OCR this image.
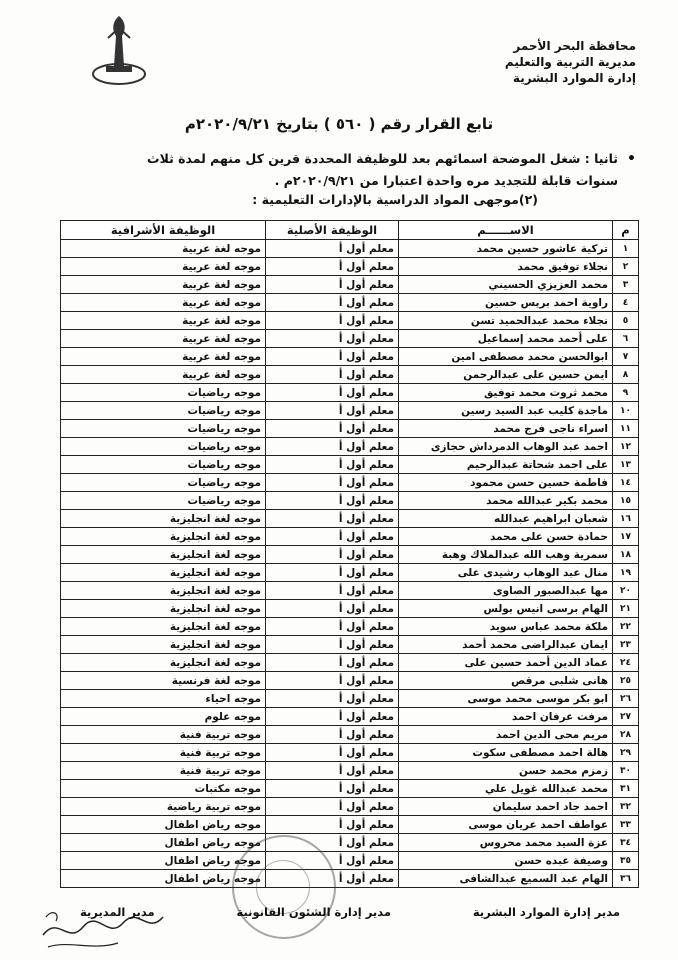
محافظة البحر الأحمر
مديرية التربية والتعليم
إدارة الموارد البشرية
تابع القرار رقم ( ٥٦٠ ) بتاريخ ٢٠٢٠/٩/٢١م
•
ثانيا : شغل الموضحة اسمائهم بعد للوظيفة المحددة قرين كل منهم لمدة ثلاث
سنوات قابلة للتجديد مره واحدة اعتبارا من ٢٠٢٠/٩/٢١م .
(٢)موجهى المواد الدراسية بالإدارات التعليمية :
م	الاســــــم	الوظيفة الأصلية	الوظيفة الأشرافية
١	تركية عاشور حسين محمد	معلم أول أ	موجه لغة عربية
٢	نجلاء توفيق محمد	معلم أول أ	موجه لغة عربية
٣	محمد العزيزي الحسيني	معلم أول أ	موجه لغة عربية
٤	راوية احمد بريس حسين	معلم أول أ	موجه لغة عربية
٥	نجلاء محمد عبدالحميد تسن	معلم أول أ	موجه لغة عربية
٦	على أحمد محمد إسماعيل	معلم أول أ	موجه لغة عربية
٧	ابوالحسن محمد مصطفى امين	معلم أول أ	موجه لغة عربية
٨	ايمن حسين على عبدالرحمن	معلم أول أ	موجه لغة عربية
٩	محمد ثروت محمد توفيق	معلم أول أ	موجه رياضيات
١٠	ماجدة كليب عبد السيد رسين	معلم أول أ	موجه رياضيات
١١	اسراء ناجى فرج محمد	معلم أول أ	موجه رياضيات
١٢	احمد عبد الوهاب الدمرداش حجازى	معلم أول أ	موجه رياضيات
١٣	على احمد شحاتة عبدالرحيم	معلم أول أ	موجه رياضيات
١٤	فاطمة حسين حسن محمود	معلم أول أ	موجه رياضيات
١٥	محمد بكير عبدالله محمد	معلم أول أ	موجه رياضيات
١٦	شعبان ابراهيم عبدالله	معلم أول أ	موجه لغة انجليزية
١٧	حمادة حسن على محمد	معلم أول أ	موجه لغة انجليزية
١٨	سمرية وهب الله عبدالملاك وهبة	معلم أول أ	موجه لغة انجليزية
١٩	منال عبد الوهاب رشيدى على	معلم أول أ	موجه لغة انجليزية
٢٠	مها عبدالصبور الصاوى	معلم أول أ	موجه لغة انجليزية
٢١	الهام برسى انيس بولس	معلم أول أ	موجه لغة انجليزية
٢٢	ملكة محمد عباس سويد	معلم أول أ	موجه لغة انجليزية
٢٣	ايمان عبدالراضى محمد أحمد	معلم أول أ	موجه لغة انجليزية
٢٤	عماد الدين أحمد حسين على	معلم أول أ	موجه لغة انجليزية
٢٥	هانى شلبى مرقص	معلم أول أ	موجه لغة فرنسية
٢٦	ابو بكر موسى محمد موسى	معلم أول أ	موجه احياء
٢٧	مرفت عرفان احمد	معلم أول أ	موجه علوم
٢٨	مريم محى الدين احمد	معلم أول أ	موجه تربية فنية
٢٩	هالة احمد مصطفى سكوت	معلم أول أ	موجه تربية فنية
٣٠	زمزم محمد حسن	معلم أول أ	موجه تربية فنية
٣١	محمد عبدالله غويل علي	معلم أول أ	موجه مكتبات
٣٢	احمد جاد احمد سليمان	معلم أول أ	موجه تربية رياضية
٣٣	عواطف احمد عريان موسى	معلم أول أ	موجه رياض اطفال
٣٤	عزة السيد محمد محروس	معلم أول أ	موجه رياض اطفال
٣٥	وصيفة عبده حسن	معلم أول أ	موجه رياض اطفال
٣٦	الهام عبد السميع عبدالشافى	معلم أول أ	موجه رياض اطفال
مدير إدارة الموارد البشرية
مدير إدارة الشئون القانونية
مدير المديرية
